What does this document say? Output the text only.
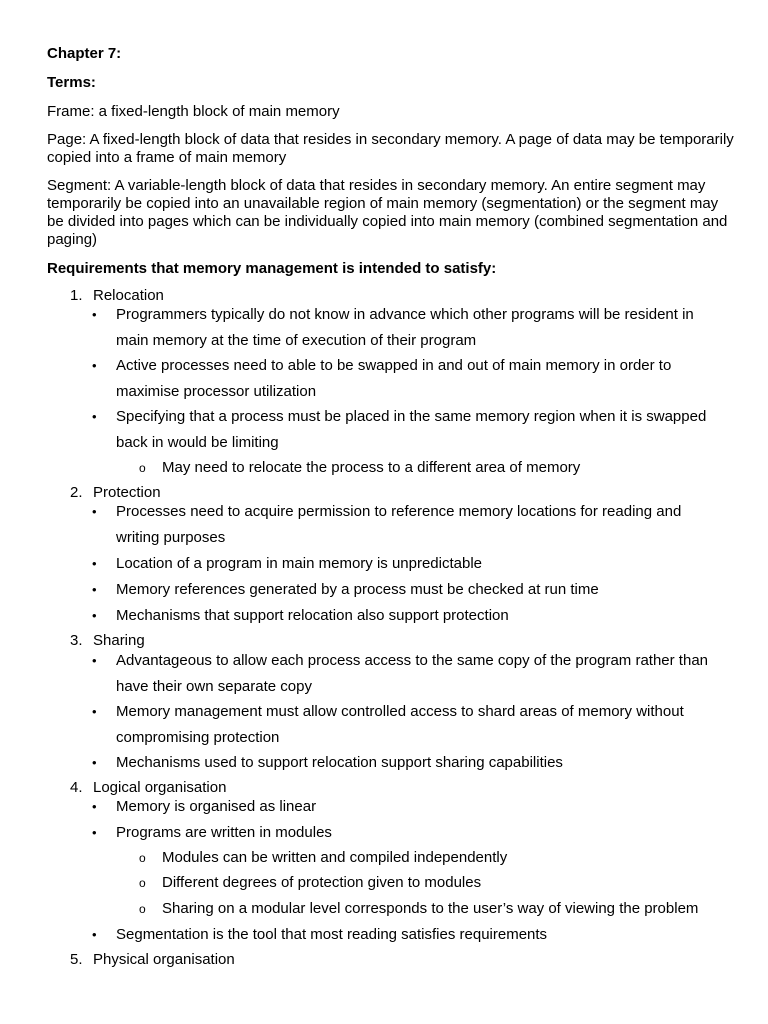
Chapter 7:
Terms:
Frame: a fixed-length block of main memory
Page: A fixed-length block of data that resides in secondary memory. A page of data may be temporarily copied into a frame of main memory
Segment: A variable-length block of data that resides in secondary memory. An entire segment may temporarily be copied into an unavailable region of main memory (segmentation) or the segment may be divided into pages which can be individually copied into main memory (combined segmentation and paging)
Requirements that memory management is intended to satisfy:
1. Relocation
• Programmers typically do not know in advance which other programs will be resident in main memory at the time of execution of their program
• Active processes need to able to be swapped in and out of main memory in order to maximise processor utilization
• Specifying that a process must be placed in the same memory region when it is swapped back in would be limiting
o May need to relocate the process to a different area of memory
2. Protection
• Processes need to acquire permission to reference memory locations for reading and writing purposes
• Location of a program in main memory is unpredictable
• Memory references generated by a process must be checked at run time
• Mechanisms that support relocation also support protection
3. Sharing
• Advantageous to allow each process access to the same copy of the program rather than have their own separate copy
• Memory management must allow controlled access to shard areas of memory without compromising protection
• Mechanisms used to support relocation support sharing capabilities
4. Logical organisation
• Memory is organised as linear
• Programs are written in modules
o Modules can be written and compiled independently
o Different degrees of protection given to modules
o Sharing on a modular level corresponds to the user’s way of viewing the problem
• Segmentation is the tool that most reading satisfies requirements
5. Physical organisation
